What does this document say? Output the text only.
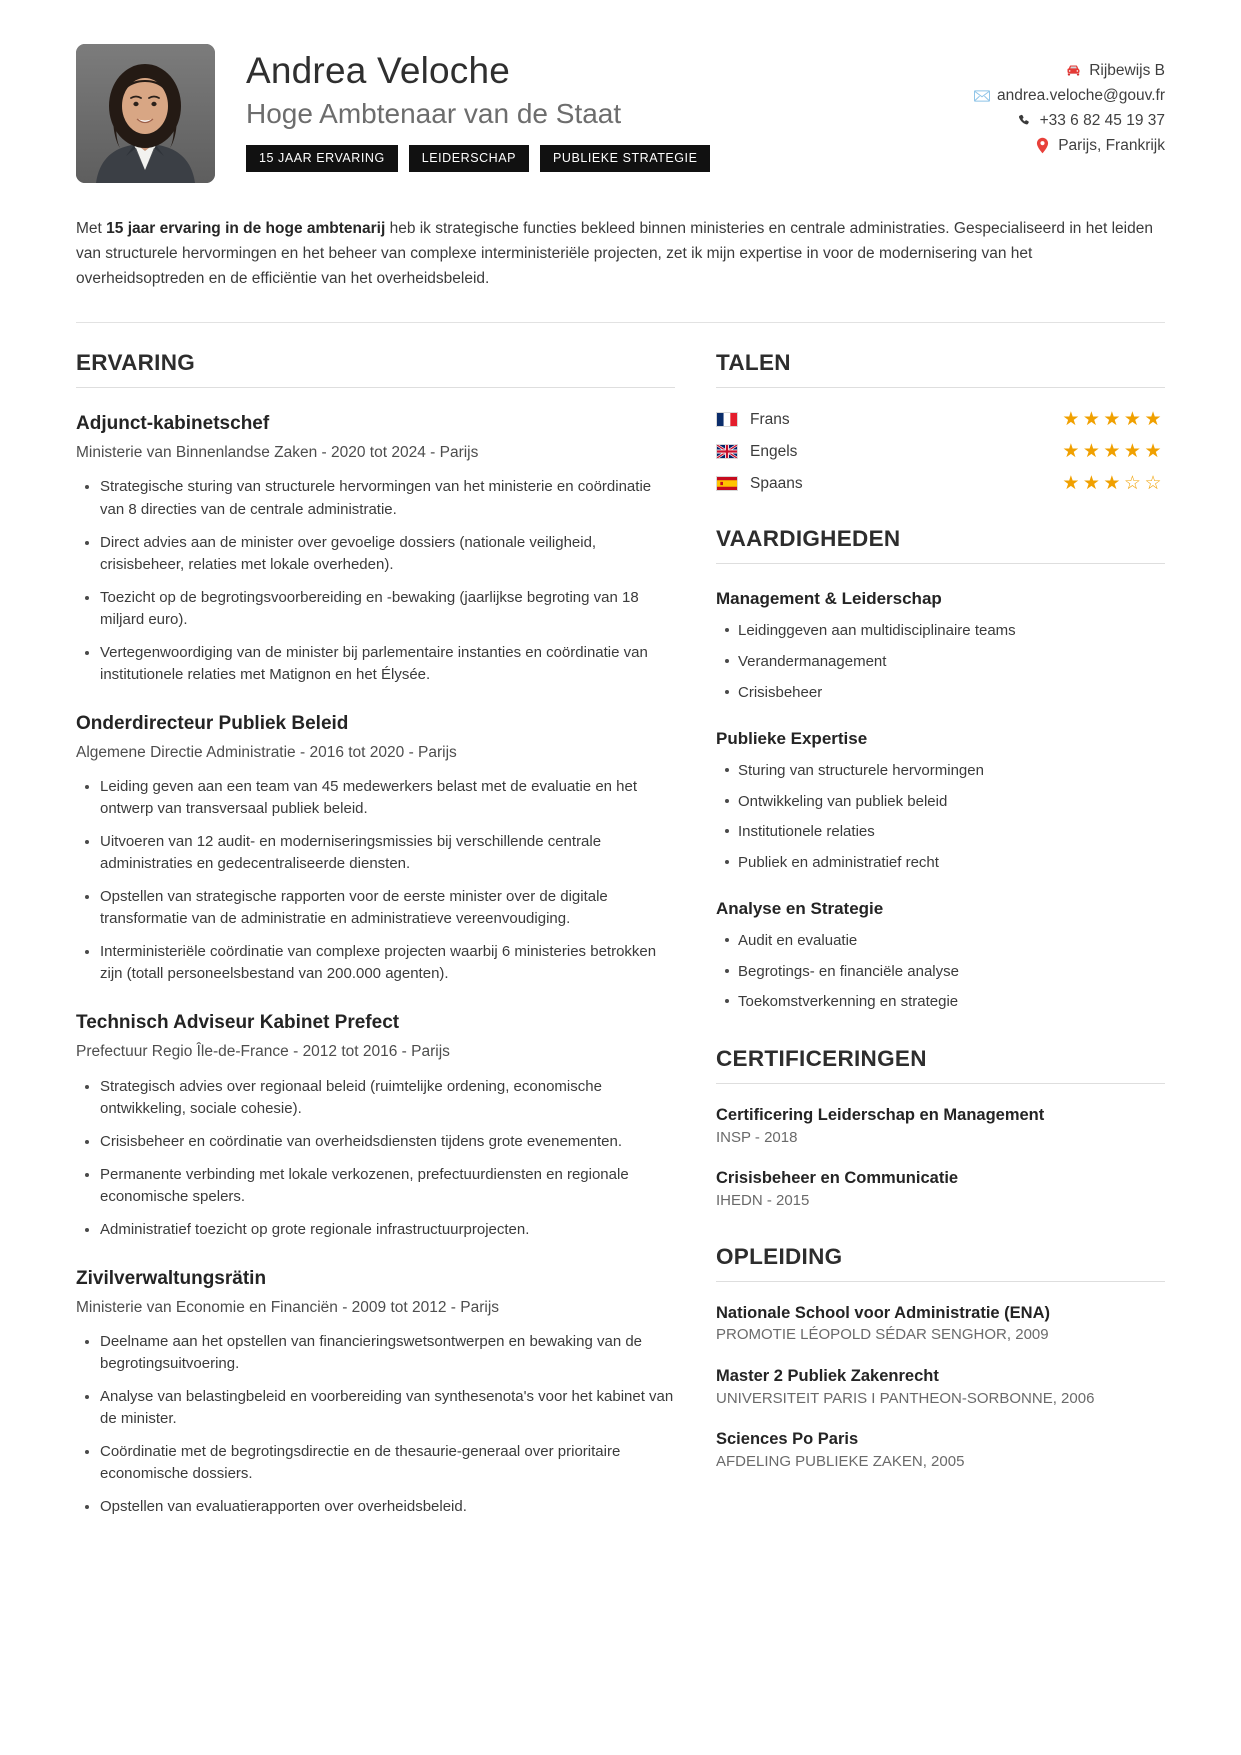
Andrea Veloche
Hoge Ambtenaar van de Staat
15 JAAR ERVARING	LEIDERSCHAP	PUBLIEKE STRATEGIE
Rijbewijs B
andrea.veloche@gouv.fr
+33 6 82 45 19 37
Parijs, Frankrijk

Met 15 jaar ervaring in de hoge ambtenarij heb ik strategische functies bekleed binnen ministeries en centrale administraties. Gespecialiseerd in het leiden van structurele hervormingen en het beheer van complexe interministeriële projecten, zet ik mijn expertise in voor de modernisering van het overheidsoptreden en de efficiëntie van het overheidsbeleid.

ERVARING
Adjunct-kabinetschef
Ministerie van Binnenlandse Zaken - 2020 tot 2024 - Parijs
Strategische sturing van structurele hervormingen van het ministerie en coördinatie van 8 directies van de centrale administratie.
Direct advies aan de minister over gevoelige dossiers (nationale veiligheid, crisisbeheer, relaties met lokale overheden).
Toezicht op de begrotingsvoorbereiding en -bewaking (jaarlijkse begroting van 18 miljard euro).
Vertegenwoordiging van de minister bij parlementaire instanties en coördinatie van institutionele relaties met Matignon en het Élysée.
Onderdirecteur Publiek Beleid
Algemene Directie Administratie - 2016 tot 2020 - Parijs
Leiding geven aan een team van 45 medewerkers belast met de evaluatie en het ontwerp van transversaal publiek beleid.
Uitvoeren van 12 audit- en moderniseringsmissies bij verschillende centrale administraties en gedecentraliseerde diensten.
Opstellen van strategische rapporten voor de eerste minister over de digitale transformatie van de administratie en administratieve vereenvoudiging.
Interministeriële coördinatie van complexe projecten waarbij 6 ministeries betrokken zijn (totall personeelsbestand van 200.000 agenten).
Technisch Adviseur Kabinet Prefect
Prefectuur Regio Île-de-France - 2012 tot 2016 - Parijs
Strategisch advies over regionaal beleid (ruimtelijke ordening, economische ontwikkeling, sociale cohesie).
Crisisbeheer en coördinatie van overheidsdiensten tijdens grote evenementen.
Permanente verbinding met lokale verkozenen, prefectuurdiensten en regionale economische spelers.
Administratief toezicht op grote regionale infrastructuurprojecten.
Zivilverwaltungsrätin
Ministerie van Economie en Financiën - 2009 tot 2012 - Parijs
Deelname aan het opstellen van financieringswetsontwerpen en bewaking van de begrotingsuitvoering.
Analyse van belastingbeleid en voorbereiding van synthesenota's voor het kabinet van de minister.
Coördinatie met de begrotingsdirectie en de thesaurie-generaal over prioritaire economische dossiers.
Opstellen van evaluatierapporten over overheidsbeleid.
TALEN
Frans	★★★★★
Engels	★★★★★
Spaans	★★★☆☆
VAARDIGHEDEN
Management & Leiderschap
Leidinggeven aan multidisciplinaire teams
Verandermanagement
Crisisbeheer
Publieke Expertise
Sturing van structurele hervormingen
Ontwikkeling van publiek beleid
Institutionele relaties
Publiek en administratief recht
Analyse en Strategie
Audit en evaluatie
Begrotings- en financiële analyse
Toekomstverkenning en strategie
CERTIFICERINGEN
Certificering Leiderschap en Management
INSP - 2018
Crisisbeheer en Communicatie
IHEDN - 2015
OPLEIDING
Nationale School voor Administratie (ENA)
PROMOTIE LÉOPOLD SÉDAR SENGHOR, 2009
Master 2 Publiek Zakenrecht
UNIVERSITEIT PARIS I PANTHEON-SORBONNE, 2006
Sciences Po Paris
AFDELING PUBLIEKE ZAKEN, 2005
